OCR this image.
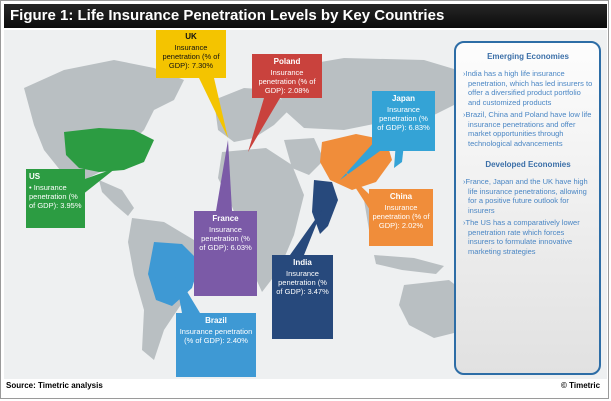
Figure 1: Life Insurance Penetration Levels by Key Countries
UK
Insurance penetration (% of GDP): 7.30%	Poland
Insurance penetration (% of GDP): 2.08%
Japan
Insurance penetration (% of GDP): 6.83%
US
• Insurance penetration (% of GDP): 3.95%
China
Insurance penetration (% of GDP): 2.02%
France
Insurance penetration (% of GDP): 6.03%
India
Insurance penetration (% of GDP): 3.47%
Brazil
Insurance penetration (% of GDP): 2.40%
Emerging Economies
›India has a high life insurance penetration, which has led insurers to offer a diversified product portfolio and customized products
›Brazil, China and Poland have low life insurance penetrations and offer market opportunities through technological advancements
Developed Economies
›France, Japan and the UK have high life insurance penetrations, allowing for a positive future outlook for insurers
›The US has a comparatively lower penetration rate which forces insurers to formulate innovative marketing strategies
Source: Timetric analysis	© Timetric
